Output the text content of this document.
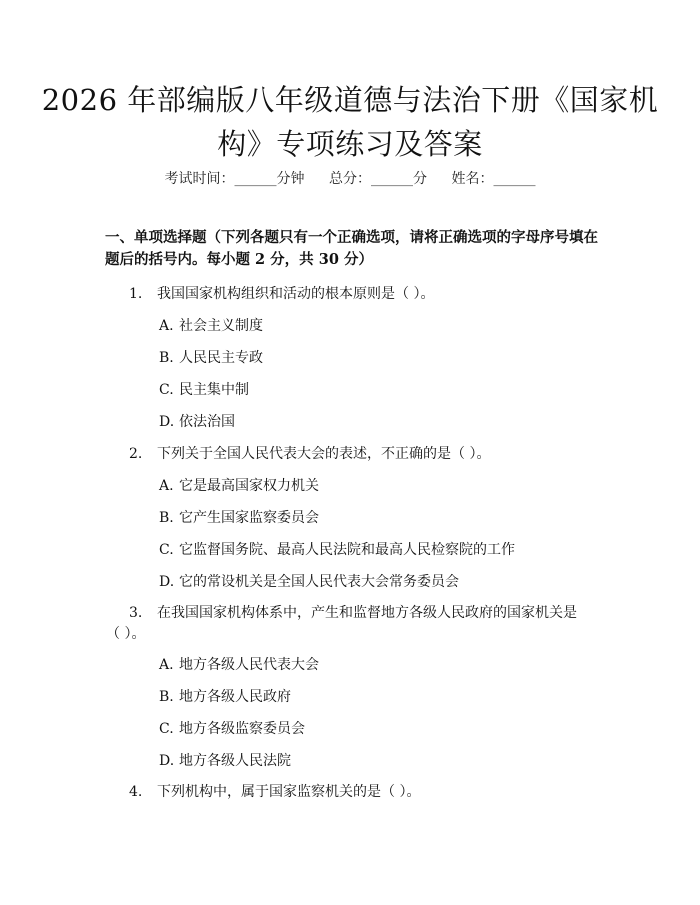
2026 年部编版八年级道德与法治下册《国家机构》专项练习及答案
考试时间：______分钟 总分：______分 姓名：______
一、单项选择题（下列各题只有一个正确选项，请将正确选项的字母序号填在题后的括号内。每小题 2 分，共 30 分）
1. 我国国家机构组织和活动的根本原则是（ ）。
A. 社会主义制度
B. 人民民主专政
C. 民主集中制
D. 依法治国
2. 下列关于全国人民代表大会的表述，不正确的是（ ）。
A. 它是最高国家权力机关
B. 它产生国家监察委员会
C. 它监督国务院、最高人民法院和最高人民检察院的工作
D. 它的常设机关是全国人民代表大会常务委员会
3. 在我国国家机构体系中，产生和监督地方各级人民政府的国家机关是
（ ）。
A. 地方各级人民代表大会
B. 地方各级人民政府
C. 地方各级监察委员会
D. 地方各级人民法院
4. 下列机构中，属于国家监察机关的是（ ）。
